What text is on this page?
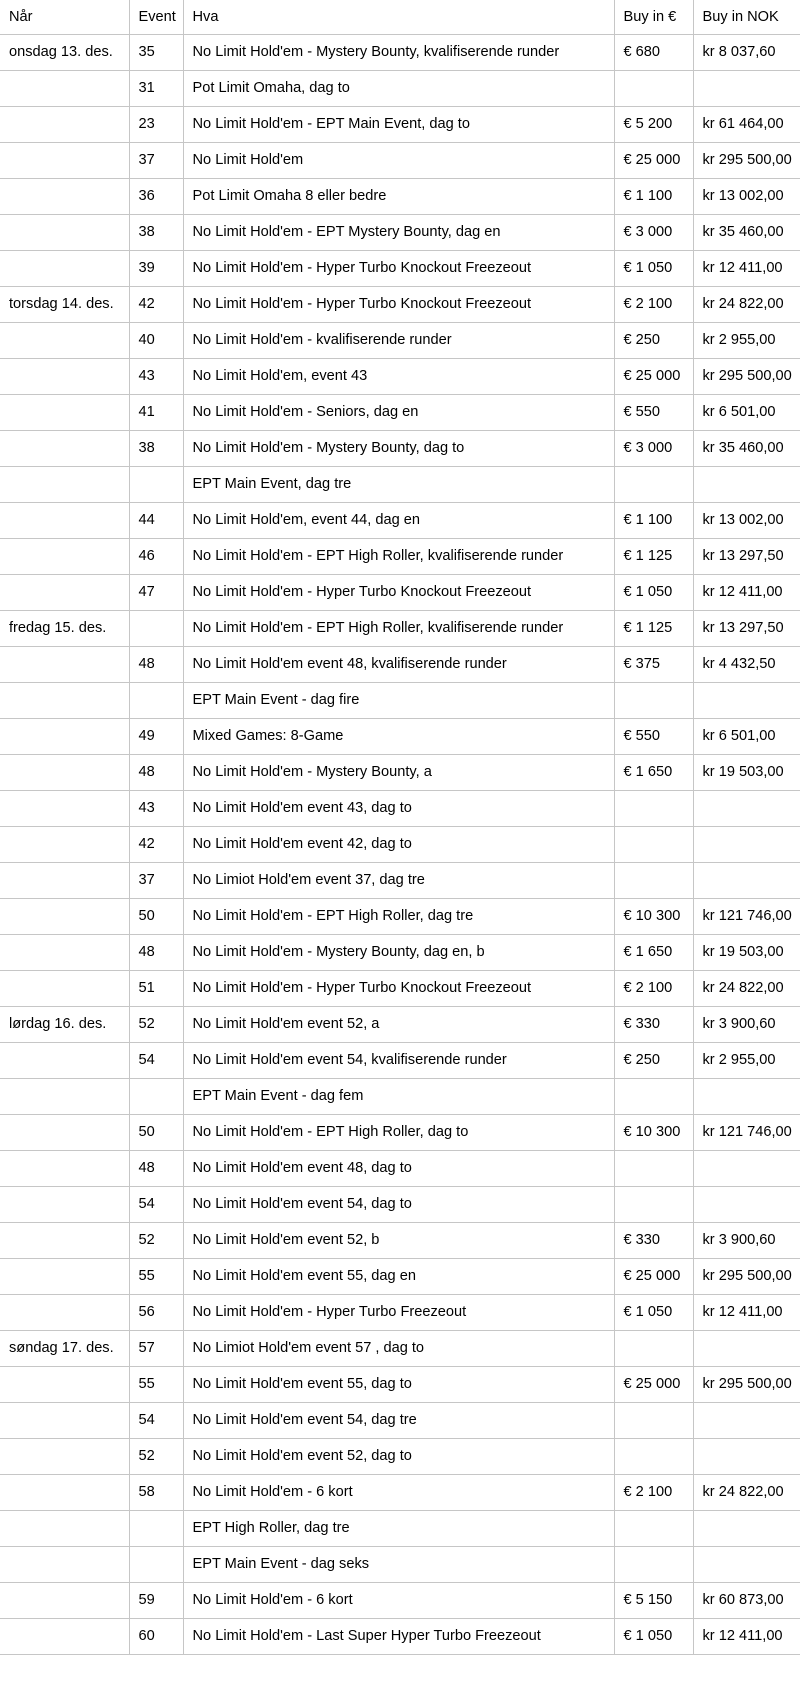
Når	Event	Hva	Buy in €	Buy in NOK
onsdag 13. des.	35	No Limit Hold'em - Mystery Bounty, kvalifiserende runder	€ 680	kr 8 037,60
	31	Pot Limit Omaha, dag to		
	23	No Limit Hold'em - EPT Main Event, dag to	€ 5 200	kr 61 464,00
	37	No Limit Hold'em	€ 25 000	kr 295 500,00
	36	Pot Limit Omaha 8 eller bedre	€ 1 100	kr 13 002,00
	38	No Limit Hold'em - EPT Mystery Bounty, dag en	€ 3 000	kr 35 460,00
	39	No Limit Hold'em - Hyper Turbo Knockout Freezeout	€ 1 050	kr 12 411,00
torsdag 14. des.	42	No Limit Hold'em - Hyper Turbo Knockout Freezeout	€ 2 100	kr 24 822,00
	40	No Limit Hold'em - kvalifiserende runder	€ 250	kr 2 955,00
	43	No Limit Hold'em, event 43	€ 25 000	kr 295 500,00
	41	No Limit Hold'em - Seniors, dag en	€ 550	kr 6 501,00
	38	No Limit Hold'em - Mystery Bounty, dag to	€ 3 000	kr 35 460,00
		EPT Main Event, dag tre		
	44	No Limit Hold'em, event 44, dag en	€ 1 100	kr 13 002,00
	46	No Limit Hold'em - EPT High Roller, kvalifiserende runder	€ 1 125	kr 13 297,50
	47	No Limit Hold'em - Hyper Turbo Knockout Freezeout	€ 1 050	kr 12 411,00
fredag 15. des.		No Limit Hold'em - EPT High Roller, kvalifiserende runder	€ 1 125	kr 13 297,50
	48	No Limit Hold'em event 48, kvalifiserende runder	€ 375	kr 4 432,50
		EPT Main Event - dag fire		
	49	Mixed Games: 8-Game	€ 550	kr 6 501,00
	48	No Limit Hold'em - Mystery Bounty, a	€ 1 650	kr 19 503,00
	43	No Limit Hold'em event 43, dag to		
	42	No Limit Hold'em event 42, dag to		
	37	No Limiot Hold'em event 37, dag tre		
	50	No Limit Hold'em - EPT High Roller, dag tre	€ 10 300	kr 121 746,00
	48	No Limit Hold'em - Mystery Bounty, dag en, b	€ 1 650	kr 19 503,00
	51	No Limit Hold'em - Hyper Turbo Knockout Freezeout	€ 2 100	kr 24 822,00
lørdag 16. des.	52	No Limit Hold'em event 52, a	€ 330	kr 3 900,60
	54	No Limit Hold'em event 54, kvalifiserende runder	€ 250	kr 2 955,00
		EPT Main Event - dag fem		
	50	No Limit Hold'em - EPT High Roller, dag to	€ 10 300	kr 121 746,00
	48	No Limit Hold'em event 48, dag to		
	54	No Limit Hold'em event 54, dag to		
	52	No Limit Hold'em event 52, b	€ 330	kr 3 900,60
	55	No Limit Hold'em event 55, dag en	€ 25 000	kr 295 500,00
	56	No Limit Hold'em - Hyper Turbo Freezeout	€ 1 050	kr 12 411,00
søndag 17. des.	57	No Limiot Hold'em event 57 , dag to		
	55	No Limit Hold'em event 55, dag to	€ 25 000	kr 295 500,00
	54	No Limit Hold'em event 54, dag tre		
	52	No Limit Hold'em event 52, dag to		
	58	No Limit Hold'em - 6 kort	€ 2 100	kr 24 822,00
		EPT High Roller, dag tre		
		EPT Main Event - dag seks		
	59	No Limit Hold'em - 6 kort	€ 5 150	kr 60 873,00
	60	No Limit Hold'em - Last Super Hyper Turbo Freezeout	€ 1 050	kr 12 411,00
